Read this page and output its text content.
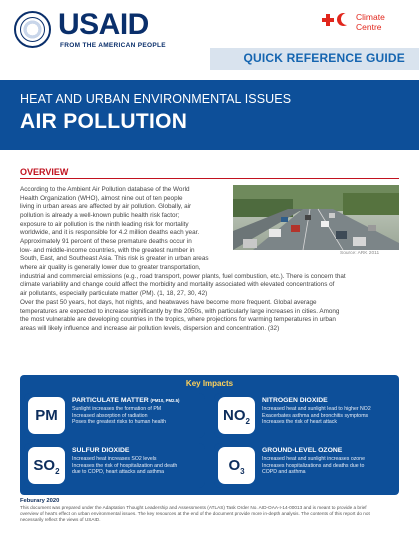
USAID
FROM THE AMERICAN PEOPLE
Climate
Centre
QUICK REFERENCE GUIDE
HEAT AND URBAN ENVIRONMENTAL ISSUES
AIR POLLUTION
OVERVIEW
According to the Ambient Air Pollution database of the World
Health Organization (WHO), almost nine out of ten people
living in urban areas are affected by air pollution. Globally, air
pollution is already a well-known public health risk factor;
exposure to air pollution is the ninth leading risk for mortality
worldwide, and it is responsible for 4.2 million deaths each year.
Approximately 91 percent of these premature deaths occur in
low- and middle-income countries, with the greatest number in
South, East, and Southeast Asia. This risk is greater in urban areas
where air quality is generally lower due to greater transportation,
industrial and commercial emissions (e.g., road transport, power plants, fuel combustion, etc.). There is concern that
climate variability and change could affect the morbidity and mortality associated with elevated concentrations of
air pollutants, especially particulate matter (PM). (1, 18, 27, 30, 42)
Source: ARK 2011
Over the past 50 years, hot days, hot nights, and heatwaves have become more frequent. Global average
temperatures are expected to increase significantly by the 2050s, with particularly large increases in cities. Among
the most vulnerable are developing countries in the tropics, where projections for warming temperatures in urban
areas will likely influence and increase air pollution levels, dispersion and concentration. (32)
Key Impacts
PM
PARTICULATE MATTER (PM10, PM2.5)
Sunlight increases the formation of PM
Increased absorption of radiation
Poses the greatest risks to human health	$NO_2$
NITROGEN DIOXIDE
Increased heat and sunlight lead to higher NO2
Exacerbates asthma and bronchitis symptoms
Increases the risk of heart attack
$SO_2$
SULFUR DIOXIDE
Increased heat increases SO2 levels
Increases the risk of hospitalization and death
due to COPD, heart attacks and asthma	$O_3$
GROUND-LEVEL OZONE
Increased heat and sunlight increases ozone
Increases hospitalizations and deaths due to
COPD and asthma
Feburary 2020
This document was prepared under the Adaptation Thought Leadership and Assessments (ATLAS) Task Order No. AID-OAA-I-14-00013 and is meant to provide a brief
overview of heat's effect on urban environmental issues. The key resources at the end of the document provide more in-depth analysis. The contents of this report do not
necessarily reflect the views of USAID.
